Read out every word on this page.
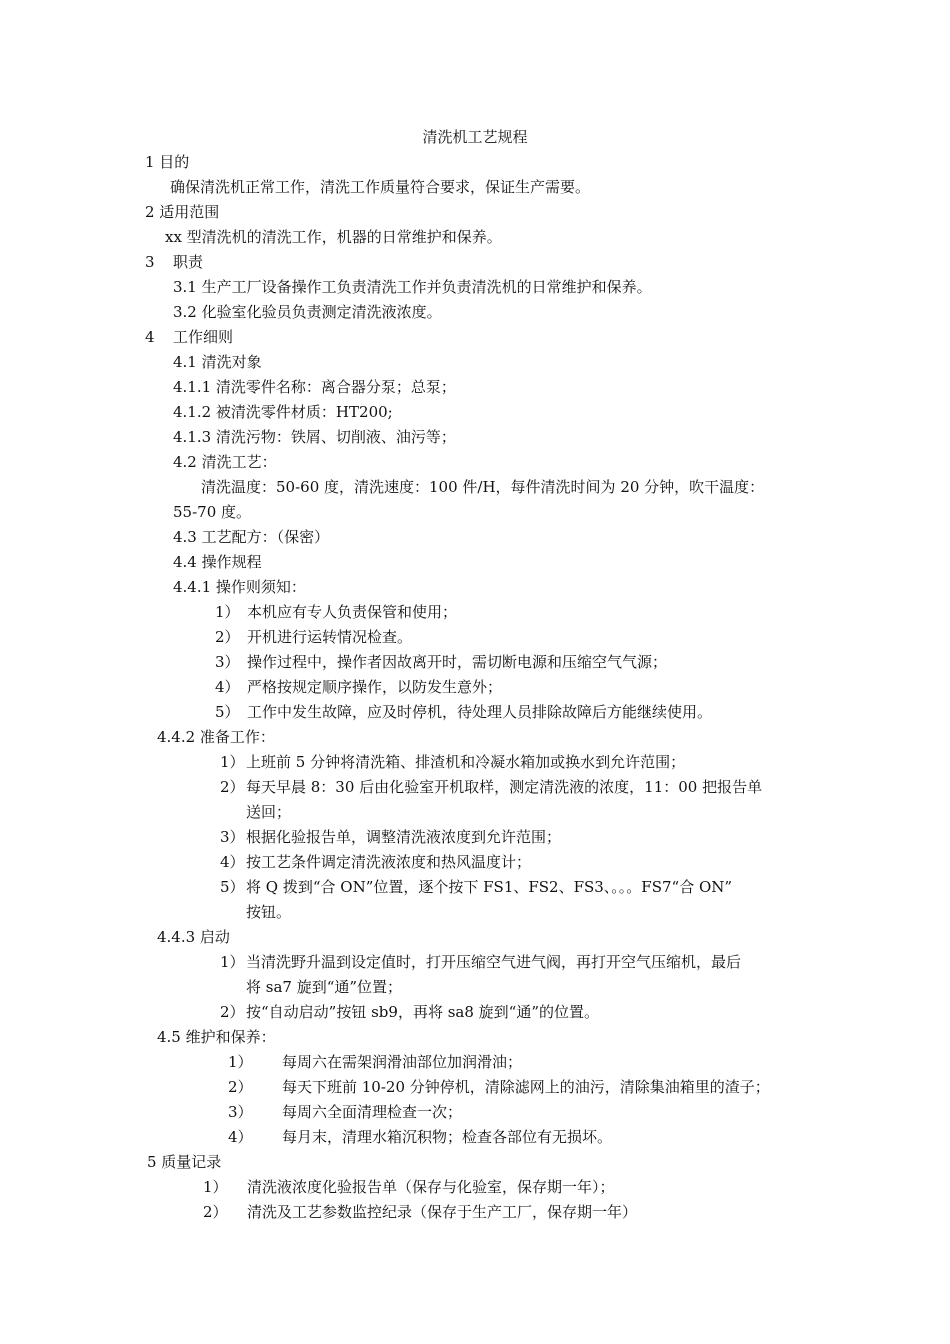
清洗机工艺规程
1 目的
确保清洗机正常工作，清洗工作质量符合要求，保证生产需要。
2 适用范围
xx 型清洗机的清洗工作，机器的日常维护和保养。
3 职责
3.1 生产工厂设备操作工负责清洗工作并负责清洗机的日常维护和保养。
3.2 化验室化验员负责测定清洗液浓度。
4 工作细则
4.1 清洗对象
4.1.1 清洗零件名称：离合器分泵；总泵；
4.1.2 被清洗零件材质：HT200;
4.1.3 清洗污物：铁屑、切削液、油污等；
4.2 清洗工艺：
清洗温度：50-60 度，清洗速度：100 件/H，每件清洗时间为 20 分钟，吹干温度：
55-70 度。
4.3 工艺配方：（保密）
4.4 操作规程
4.4.1 操作则须知：
1） 本机应有专人负责保管和使用；
2） 开机进行运转情况检查。
3） 操作过程中，操作者因故离开时，需切断电源和压缩空气气源；
4） 严格按规定顺序操作，以防发生意外；
5） 工作中发生故障，应及时停机，待处理人员排除故障后方能继续使用。
4.4.2 准备工作：
1）上班前 5 分钟将清洗箱、排渣机和冷凝水箱加或换水到允许范围；
2）每天早晨 8：30 后由化验室开机取样，测定清洗液的浓度，11：00 把报告单
送回；
3）根据化验报告单，调整清洗液浓度到允许范围；
4）按工艺条件调定清洗液浓度和热风温度计；
5）将 Q 拨到“合 ON”位置，逐个按下 FS1、FS2、FS3、。。。FS7“合 ON”
按钮。
4.4.3 启动
1）当清洗野升温到设定值时，打开压缩空气进气阀，再打开空气压缩机，最后
将 sa7 旋到“通”位置；
2）按“自动启动”按钮 sb9，再将 sa8 旋到“通”的位置。
4.5 维护和保养：
1） 每周六在需架润滑油部位加润滑油；
2） 每天下班前 10-20 分钟停机，清除滤网上的油污，清除集油箱里的渣子；
3） 每周六全面清理检查一次；
4） 每月末，清理水箱沉积物；检查各部位有无损坏。
5 质量记录
1） 清洗液浓度化验报告单（保存与化验室，保存期一年）；
2） 清洗及工艺参数监控纪录（保存于生产工厂，保存期一年）
